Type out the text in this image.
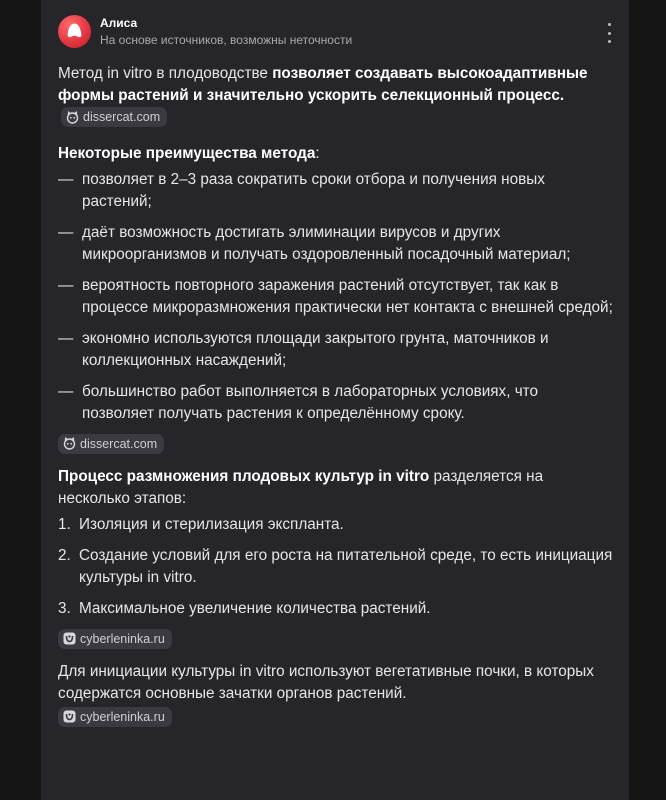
Алиса
На основе источников, возможны неточности
Метод in vitro в плодоводстве позволяет создавать высокоадаптивные формы растений и значительно ускорить селекционный процесс.
dissercat.com
Некоторые преимущества метода:
— позволяет в 2–3 раза сократить сроки отбора и получения новых растений;
— даёт возможность достигать элиминации вирусов и других микроорганизмов и получать оздоровленный посадочный материал;
— вероятность повторного заражения растений отсутствует, так как в процессе микроразмножения практически нет контакта с внешней средой;
— экономно используются площади закрытого грунта, маточников и коллекционных насаждений;
— большинство работ выполняется в лабораторных условиях, что позволяет получать растения к определённому сроку.
dissercat.com
Процесс размножения плодовых культур in vitro разделяется на несколько этапов:
1. Изоляция и стерилизация экспланта.
2. Создание условий для его роста на питательной среде, то есть инициация культуры in vitro.
3. Максимальное увеличение количества растений.
cyberleninka.ru
Для инициации культуры in vitro используют вегетативные почки, в которых содержатся основные зачатки органов растений.
cyberleninka.ru
